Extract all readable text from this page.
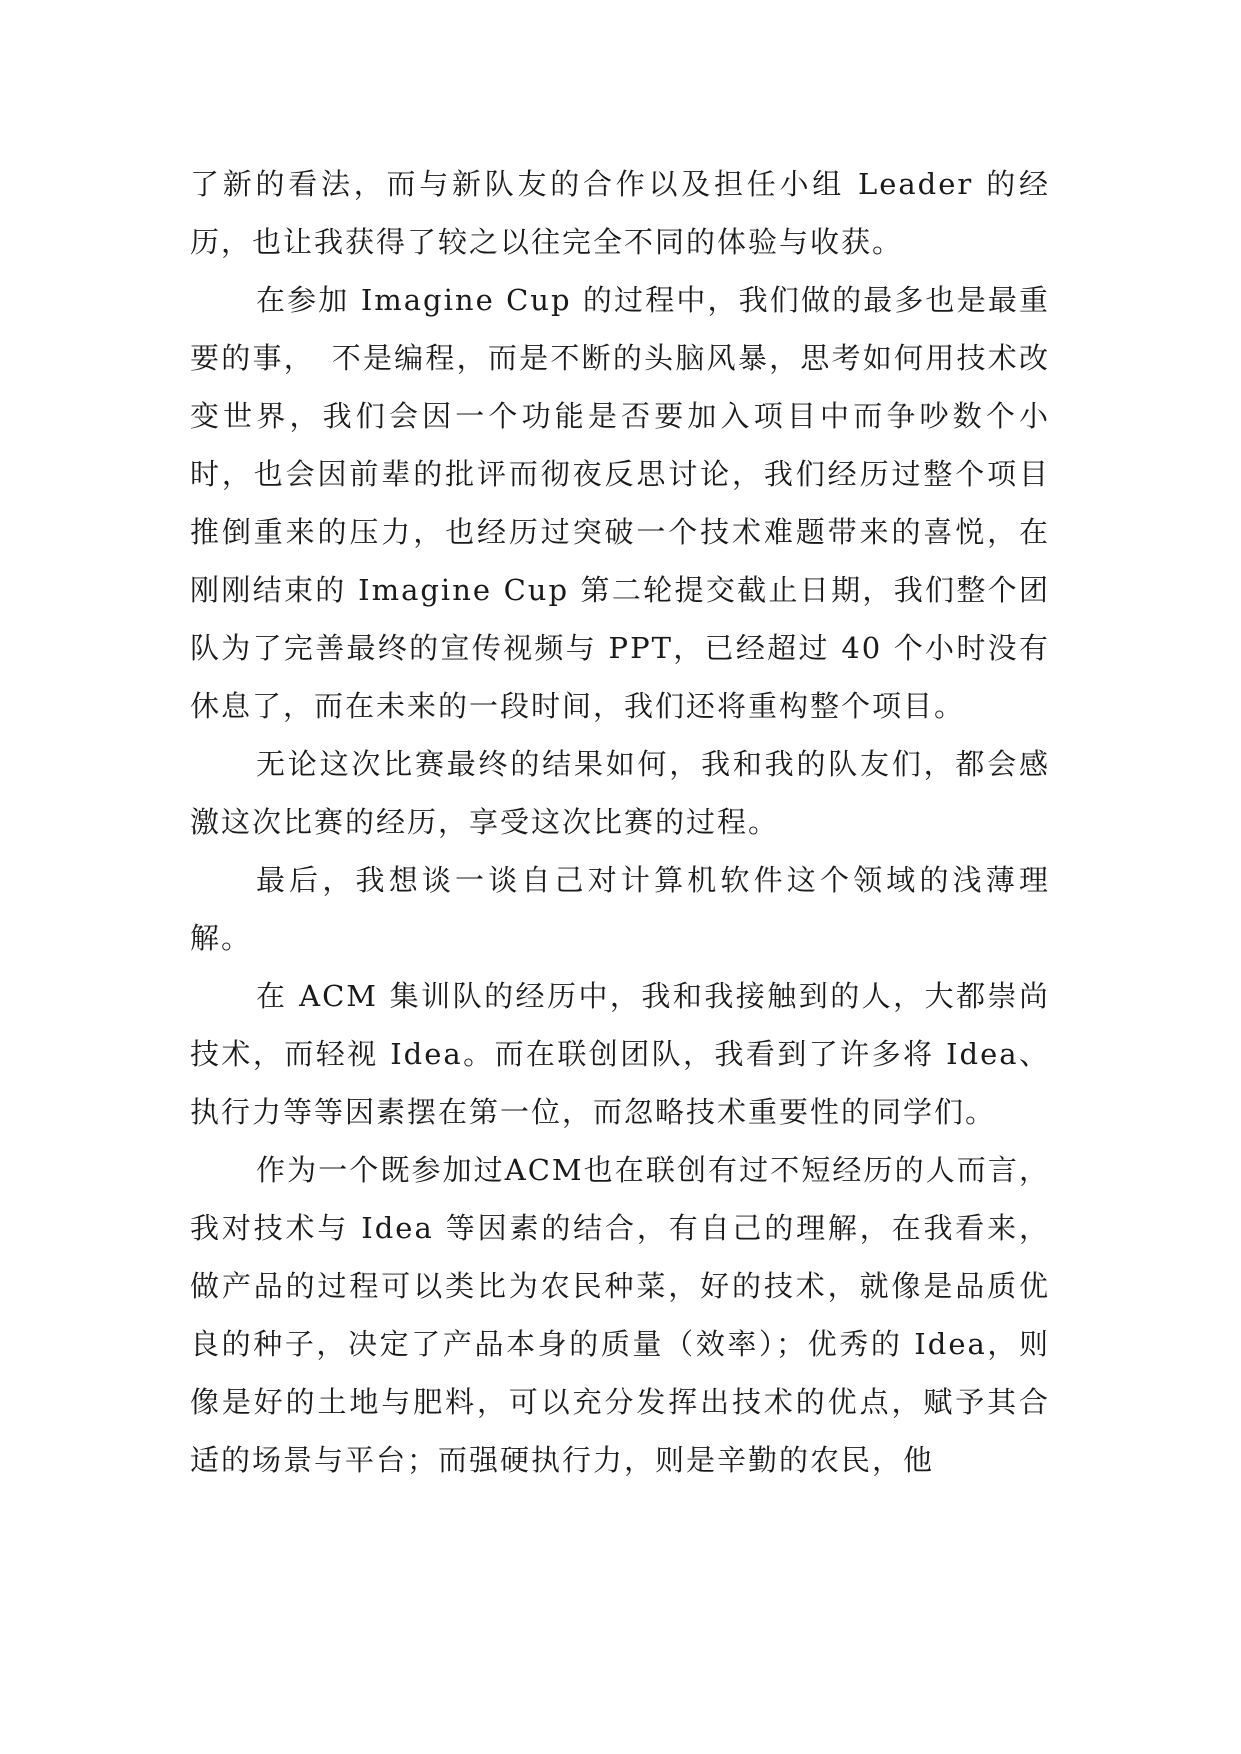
了新的看法，而与新队友的合作以及担任小组 Leader 的经历，也让我获得了较之以往完全不同的体验与收获。

在参加 Imagine Cup 的过程中，我们做的最多也是最重要的事，　不是编程，而是不断的头脑风暴，思考如何用技术改变世界，我们会因一个功能是否要加入项目中而争吵数个小时，也会因前辈的批评而彻夜反思讨论，我们经历过整个项目推倒重来的压力，也经历过突破一个技术难题带来的喜悦，在刚刚结束的 Imagine Cup 第二轮提交截止日期，我们整个团队为了完善最终的宣传视频与 PPT，已经超过 40 个小时没有休息了，而在未来的一段时间，我们还将重构整个项目。

无论这次比赛最终的结果如何，我和我的队友们，都会感激这次比赛的经历，享受这次比赛的过程。

最后，我想谈一谈自己对计算机软件这个领域的浅薄理解。

在 ACM 集训队的经历中，我和我接触到的人，大都崇尚技术，而轻视 Idea。而在联创团队，我看到了许多将 Idea、执行力等等因素摆在第一位，而忽略技术重要性的同学们。

作为一个既参加过ACM也在联创有过不短经历的人而言，我对技术与 Idea 等因素的结合，有自己的理解，在我看来，做产品的过程可以类比为农民种菜，好的技术，就像是品质优良的种子，决定了产品本身的质量（效率）；优秀的 Idea，则像是好的土地与肥料，可以充分发挥出技术的优点，赋予其合适的场景与平台；而强硬执行力，则是辛勤的农民，他
